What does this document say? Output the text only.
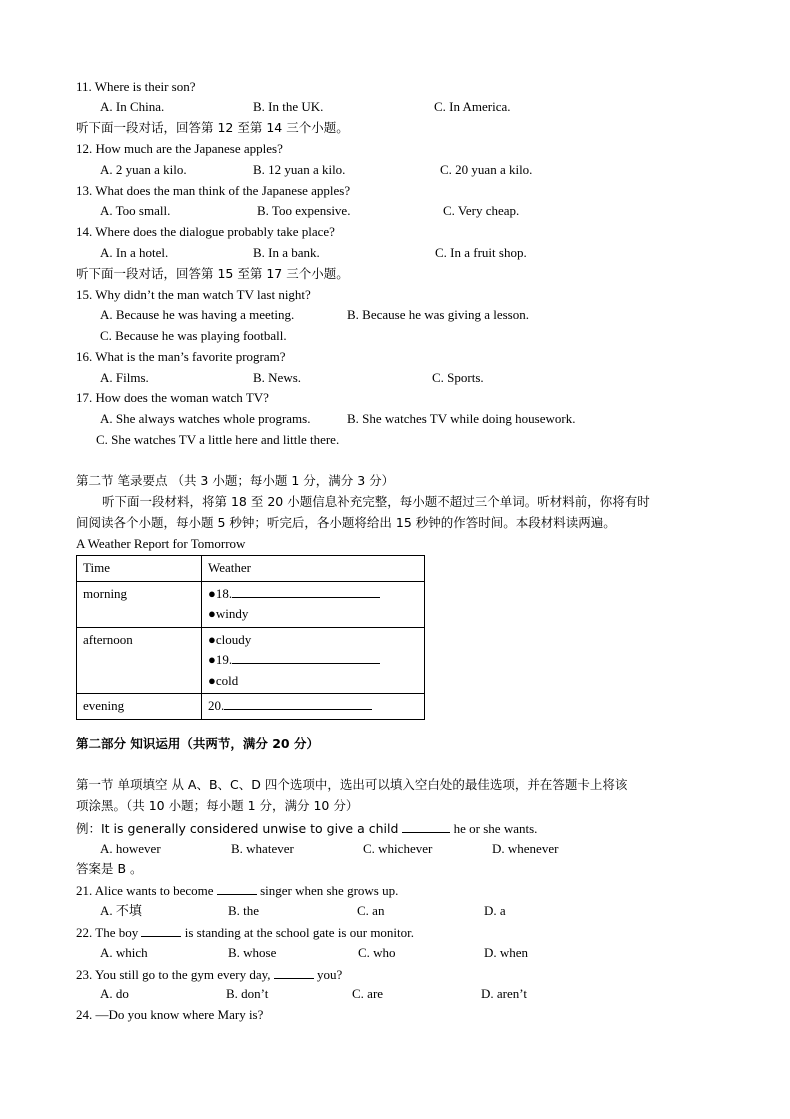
11. Where is their son?
A. In China.	B. In the UK.	C. In America.
听下面一段对话，回答第 12 至第 14 三个小题。
12. How much are the Japanese apples?
A. 2 yuan a kilo.	B. 12 yuan a kilo.	C. 20 yuan a kilo.
13. What does the man think of the Japanese apples?
A. Too small.	B. Too expensive.	C. Very cheap.
14. Where does the dialogue probably take place?
A. In a hotel.	B. In a bank.	C. In a fruit shop.
听下面一段对话，回答第 15 至第 17 三个小题。
15. Why didn’t the man watch TV last night?
A. Because he was having a meeting.	B. Because he was giving a lesson.
C. Because he was playing football.
16. What is the man’s favorite program?
A. Films.	B. News.	C. Sports.
17. How does the woman watch TV?
A. She always watches whole programs.	B. She watches TV while doing housework.
C. She watches TV a little here and little there.
第二节 笔录要点 （共 3 小题；每小题 1 分，满分 3 分）
听下面一段材料，将第 18 至 20 小题信息补充完整，每小题不超过三个单词。听材料前，你将有时
间阅读各个小题，每小题 5 秒钟；听完后，各小题将给出 15 秒钟的作答时间。本段材料读两遍。
A Weather Report for Tomorrow
Time	Weather
morning	●18.
●windy

afternoon	●cloudy
●19.
●cold

evening	20.
第二部分 知识运用（共两节，满分 20 分）
第一节 单项填空 从 A、B、C、D 四个选项中，选出可以填入空白处的最佳选项，并在答题卡上将该
项涂黑。（共 10 小题；每小题 1 分，满分 10 分）
例：It is generally considered unwise to give a child	he or she wants.
A. however	B. whatever	C. whichever	D. whenever
答案是 B 。
21. Alice wants to become	singer when she grows up.
A. 不填	B. the	C. an	D. a
22. The boy	is standing at the school gate is our monitor.
A. which	B. whose	C. who	D. when
23. You still go to the gym every day,	you?
A. do	B. don’t	C. are	D. aren’t
24. —Do you know where Mary is?
